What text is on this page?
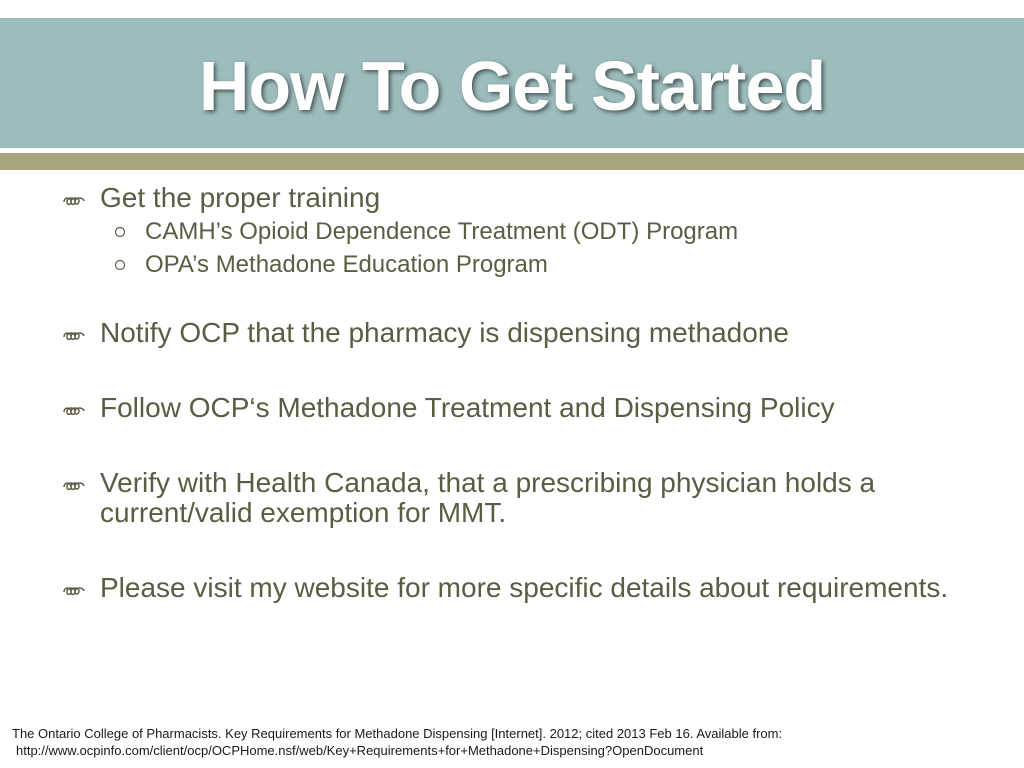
How To Get Started
Get the proper training
CAMH’s Opioid Dependence Treatment (ODT) Program
OPA’s Methadone Education Program
Notify OCP that the pharmacy is dispensing methadone
Follow OCP‘s Methadone Treatment and Dispensing Policy
Verify with Health Canada, that a prescribing physician holds a current/valid exemption for MMT.
Please visit my website for more specific details about requirements.
The Ontario College of Pharmacists. Key Requirements for Methadone Dispensing [Internet]. 2012; cited 2013 Feb 16. Available from:
http://www.ocpinfo.com/client/ocp/OCPHome.nsf/web/Key+Requirements+for+Methadone+Dispensing?OpenDocument
